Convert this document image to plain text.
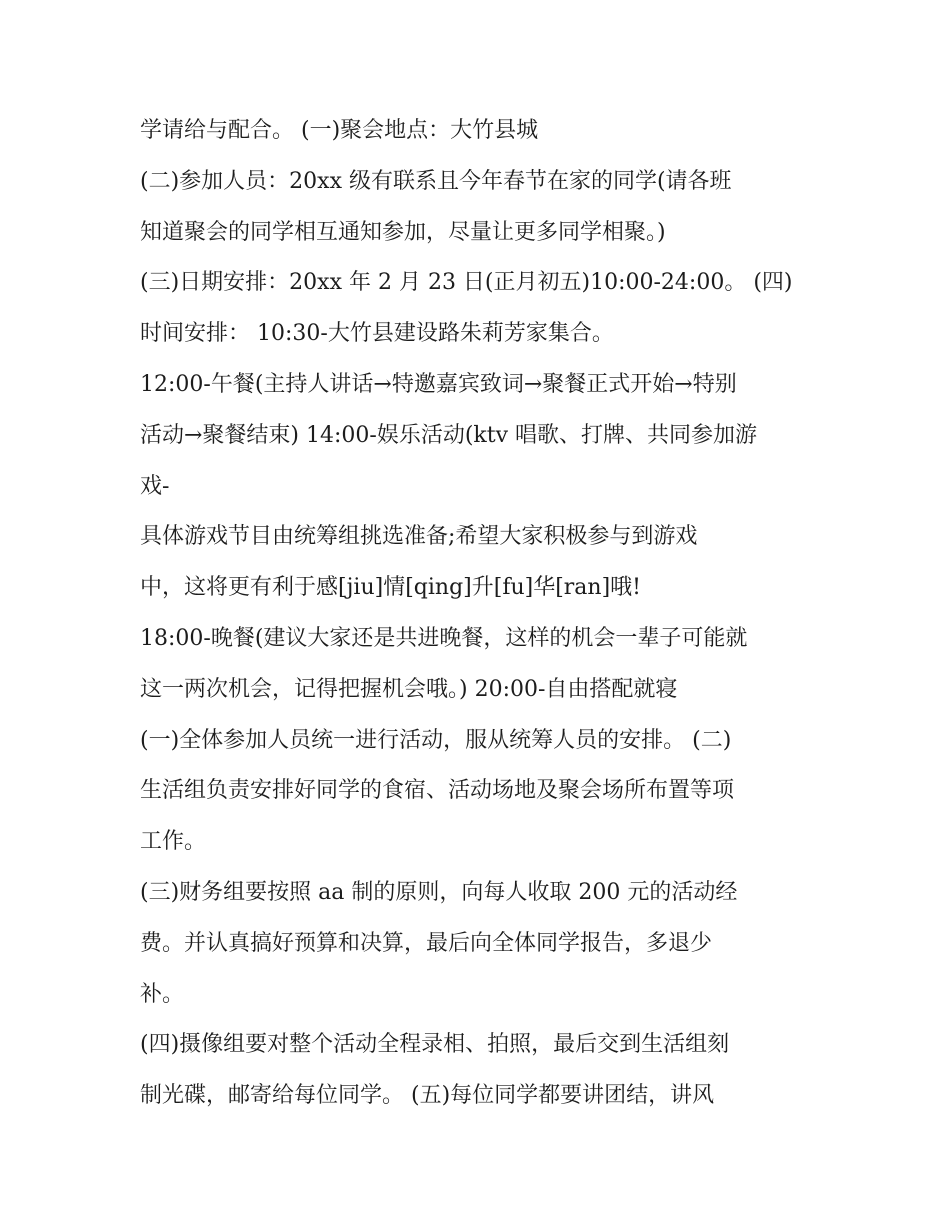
学请给与配合。 (一)聚会地点：大竹县城
(二)参加人员：20xx 级有联系且今年春节在家的同学(请各班
知道聚会的同学相互通知参加，尽量让更多同学相聚。)
(三)日期安排：20xx 年 2 月 23 日(正月初五)10:00-24:00。 (四)
时间安排： 10:30-大竹县建设路朱莉芳家集合。
12:00-午餐(主持人讲话→特邀嘉宾致词→聚餐正式开始→特别
活动→聚餐结束) 14:00-娱乐活动(ktv 唱歌、打牌、共同参加游
戏-
具体游戏节目由统筹组挑选准备;希望大家积极参与到游戏
中，这将更有利于感[jiu]情[qing]升[fu]华[ran]哦!
18:00-晚餐(建议大家还是共进晚餐，这样的机会一辈子可能就
这一两次机会，记得把握机会哦。) 20:00-自由搭配就寝
(一)全体参加人员统一进行活动，服从统筹人员的安排。 (二)
生活组负责安排好同学的食宿、活动场地及聚会场所布置等项
工作。
(三)财务组要按照 aa 制的原则，向每人收取 200 元的活动经
费。并认真搞好预算和决算，最后向全体同学报告，多退少
补。
(四)摄像组要对整个活动全程录相、拍照，最后交到生活组刻
制光碟，邮寄给每位同学。 (五)每位同学都要讲团结，讲风
